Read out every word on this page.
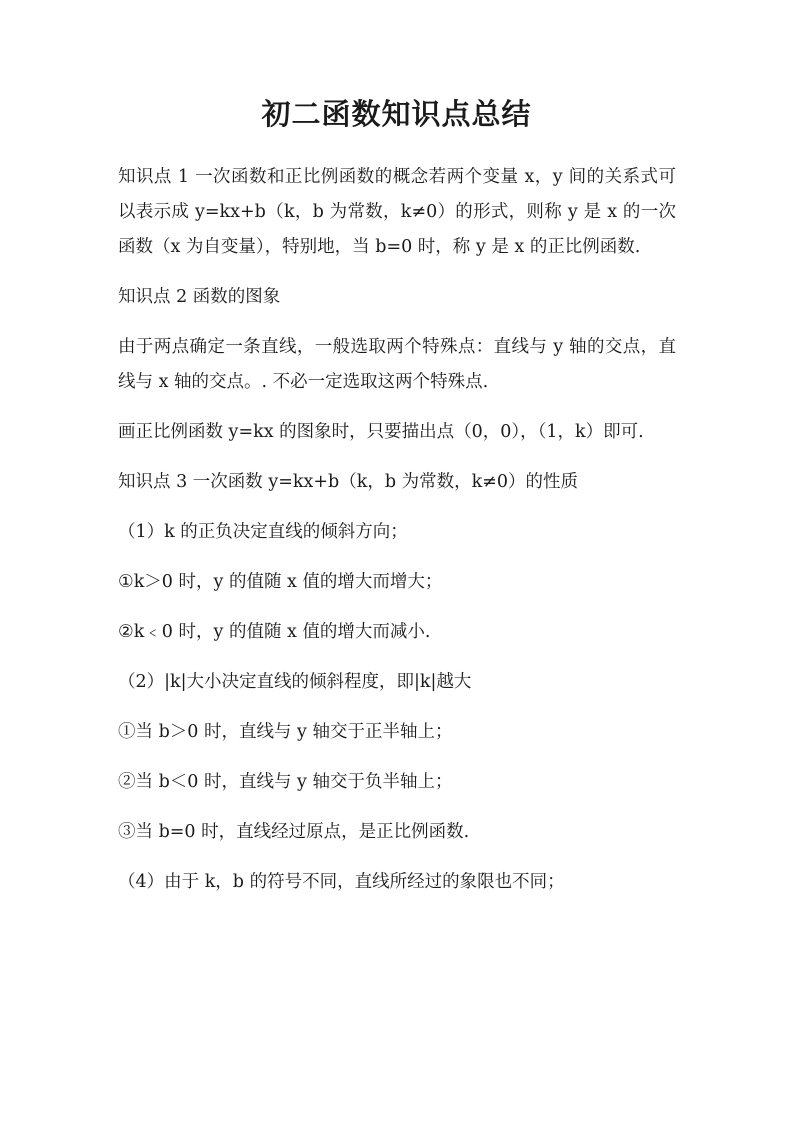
初二函数知识点总结

知识点 1 一次函数和正比例函数的概念若两个变量 x，y 间的关系式可以表示成 y=kx+b（k，b 为常数，k≠0）的形式，则称 y 是 x 的一次函数（x 为自变量），特别地，当 b=0 时，称 y 是 x 的正比例函数.

知识点 2 函数的图象

由于两点确定一条直线，一般选取两个特殊点：直线与 y 轴的交点，直线与 x 轴的交点。. 不必一定选取这两个特殊点.

画正比例函数 y=kx 的图象时，只要描出点（0，0），（1，k）即可.

知识点 3 一次函数 y=kx+b（k，b 为常数，k≠0）的性质

（1）k 的正负决定直线的倾斜方向；

①k＞0 时，y 的值随 x 值的增大而增大；

②k﹤0 时，y 的值随 x 值的增大而减小.

（2）|k|大小决定直线的倾斜程度，即|k|越大

①当 b＞0 时，直线与 y 轴交于正半轴上；

②当 b＜0 时，直线与 y 轴交于负半轴上；

③当 b=0 时，直线经过原点，是正比例函数.

（4）由于 k，b 的符号不同，直线所经过的象限也不同；
